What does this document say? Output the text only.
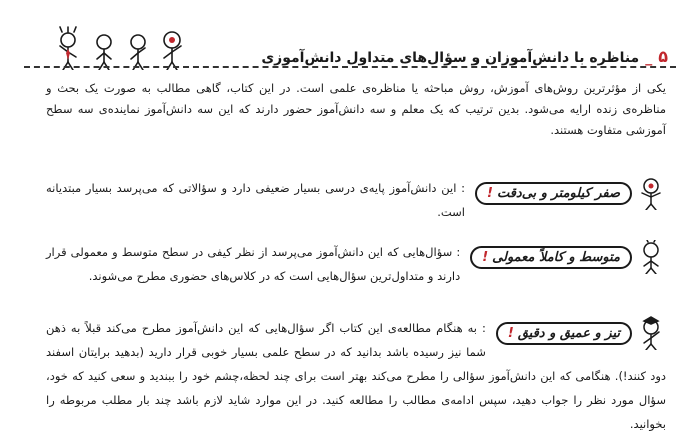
۵
_
مناظره با دانش‌آموزان و سؤال‌های متداول دانش‌آموزی

یکی از مؤثرترین روش‌های آموزش، روش مباحثه یا مناظره‌ی علمی است. در این کتاب، گاهی مطالب به صورت یک بحث و مناظره‌ی زنده ارایه می‌شود. بدین ترتیب که یک معلم و سه دانش‌آموز حضور دارند که این سه دانش‌آموز نماینده‌ی سه سطح آموزشی متفاوت هستند.

صفر کیلومتر و بی‌دقت!
: این دانش‌آموز پایه‌ی درسی بسیار ضعیفی دارد و سؤالاتی که می‌پرسد بسیار مبتدیانه است.
متوسط و کاملاً معمولی!
: سؤال‌هایی که این دانش‌آموز می‌پرسد از نظر کیفی در سطح متوسط و معمولی قرار دارند و متداول‌ترین سؤال‌هایی است که در کلاس‌های حضوری مطرح می‌شوند.
تیز و عمیق و دقیق!
: به هنگام مطالعه‌ی این کتاب اگر سؤال‌هایی که این دانش‌آموز مطرح می‌کند قبلاً به ذهن شما نیز رسیده باشد بدانید که در سطح علمی بسیار خوبی قرار دارید (بدهید برایتان اسفند دود کنند!). هنگامی که این دانش‌آموز سؤالی را مطرح می‌کند بهتر است برای چند لحظه،چشم خود را ببندید و سعی کنید که خود، سؤال مورد نظر را جواب دهید، سپس ادامه‌ی مطالب را مطالعه کنید. در این موارد شاید لازم باشد چند بار مطلب مربوطه را بخوانید.
